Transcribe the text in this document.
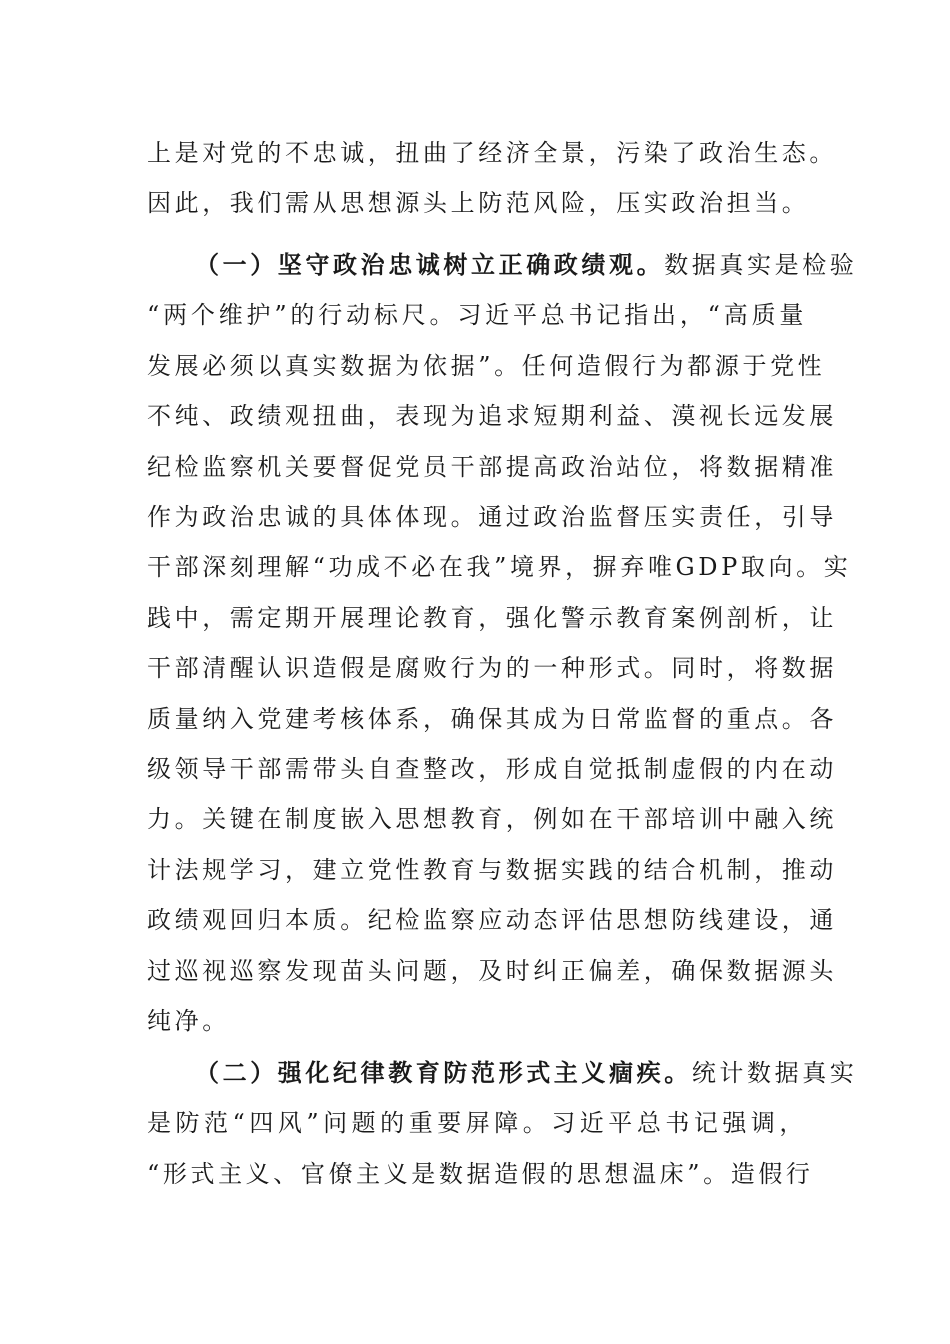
上是对党的不忠诚，扭曲了经济全景，污染了政治生态。
因此，我们需从思想源头上防范风险，压实政治担当。
（一）坚守政治忠诚树立正确政绩观。数据真实是检验
“两个维护”的行动标尺。习近平总书记指出，“高质量
发展必须以真实数据为依据”。任何造假行为都源于党性
不纯、政绩观扭曲，表现为追求短期利益、漠视长远发展
纪检监察机关要督促党员干部提高政治站位，将数据精准
作为政治忠诚的具体体现。通过政治监督压实责任，引导
干部深刻理解“功成不必在我”境界，摒弃唯GDP取向。实
践中，需定期开展理论教育，强化警示教育案例剖析，让
干部清醒认识造假是腐败行为的一种形式。同时，将数据
质量纳入党建考核体系，确保其成为日常监督的重点。各
级领导干部需带头自查整改，形成自觉抵制虚假的内在动
力。关键在制度嵌入思想教育，例如在干部培训中融入统
计法规学习，建立党性教育与数据实践的结合机制，推动
政绩观回归本质。纪检监察应动态评估思想防线建设，通
过巡视巡察发现苗头问题，及时纠正偏差，确保数据源头
纯净。
（二）强化纪律教育防范形式主义痼疾。统计数据真实
是防范“四风”问题的重要屏障。习近平总书记强调，
“形式主义、官僚主义是数据造假的思想温床”。造假行
